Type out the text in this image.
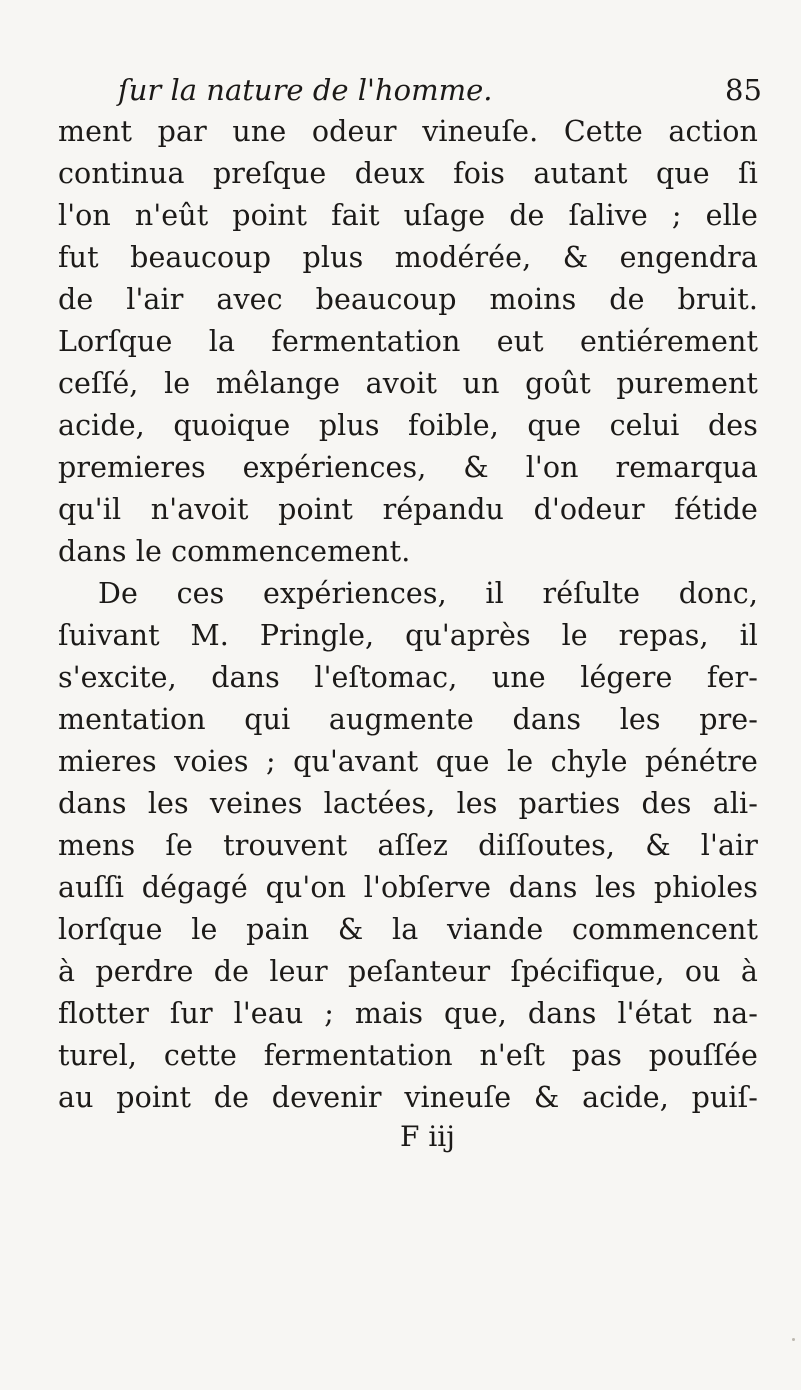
ſur la nature de l'homme.	85
ment par une odeur vineuſe. Cette action
continua preſque deux fois autant que ſi
l'on n'eût point fait uſage de ſalive ; elle
fut beaucoup plus modérée, & engendra
de l'air avec beaucoup moins de bruit.
Lorſque la fermentation eut entiérement
ceſſé, le mêlange avoit un goût purement
acide, quoique plus foible, que celui des
premieres expériences, & l'on remarqua
qu'il n'avoit point répandu d'odeur fétide
dans le commencement.
De ces expériences, il réſulte donc,
ſuivant M. Pringle, qu'après le repas, il
s'excite, dans l'eſtomac, une légere fer-
mentation qui augmente dans les pre-
mieres voies ; qu'avant que le chyle pénétre
dans les veines lactées, les parties des ali-
mens ſe trouvent aſſez diſſoutes, & l'air
auſſi dégagé qu'on l'obſerve dans les phioles
lorſque le pain & la viande commencent
à perdre de leur peſanteur ſpécifique, ou à
flotter ſur l'eau ; mais que, dans l'état na-
turel, cette fermentation n'eſt pas pouſſée
au point de devenir vineuſe & acide, puiſ-
F iij
